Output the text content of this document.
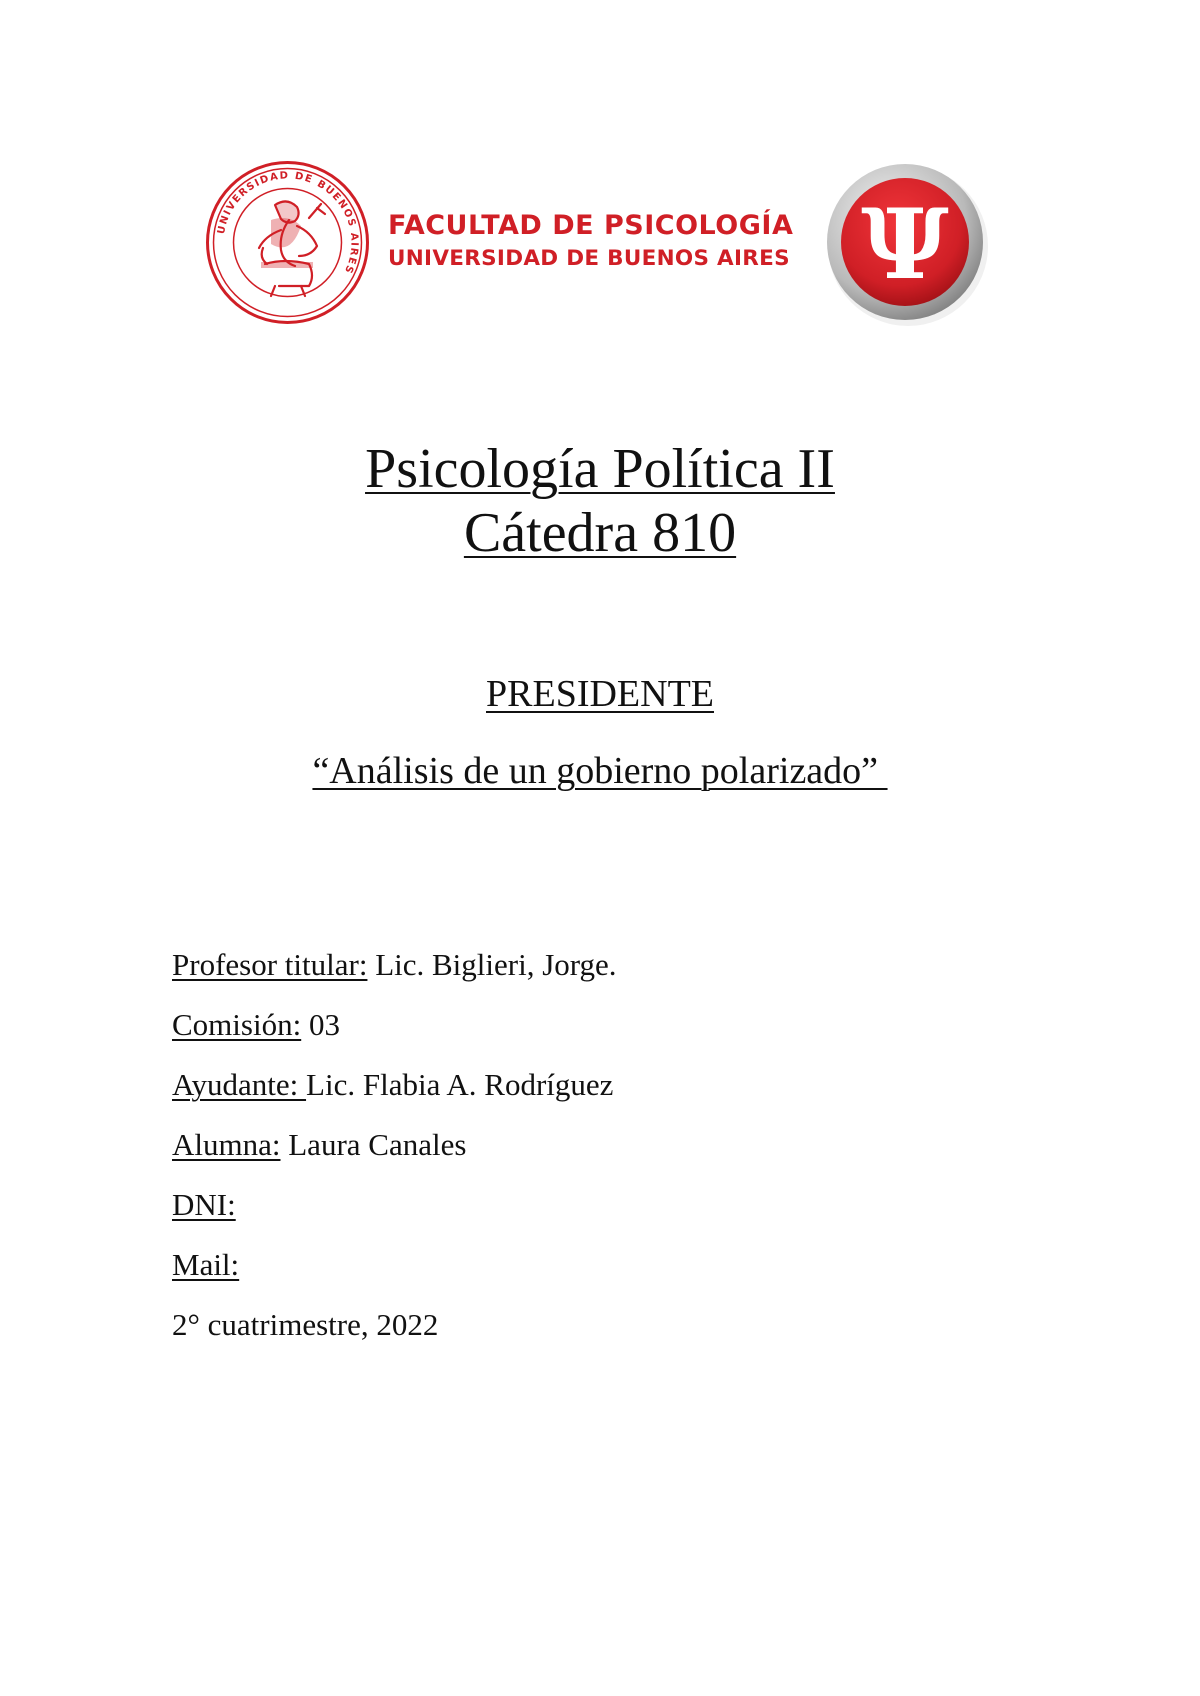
UNIVERSIDAD DE BUENOS AIRES
FACULTAD DE PSICOLOGÍA
UNIVERSIDAD DE BUENOS AIRES Ψ
Psicología Política II
Cátedra 810
PRESIDENTE
“Análisis de un gobierno polarizado”
Profesor titular: Lic. Biglieri, Jorge.
Comisión: 03
Ayudante: Lic. Flabia A. Rodríguez
Alumna: Laura Canales
DNI:
Mail:
2° cuatrimestre, 2022
